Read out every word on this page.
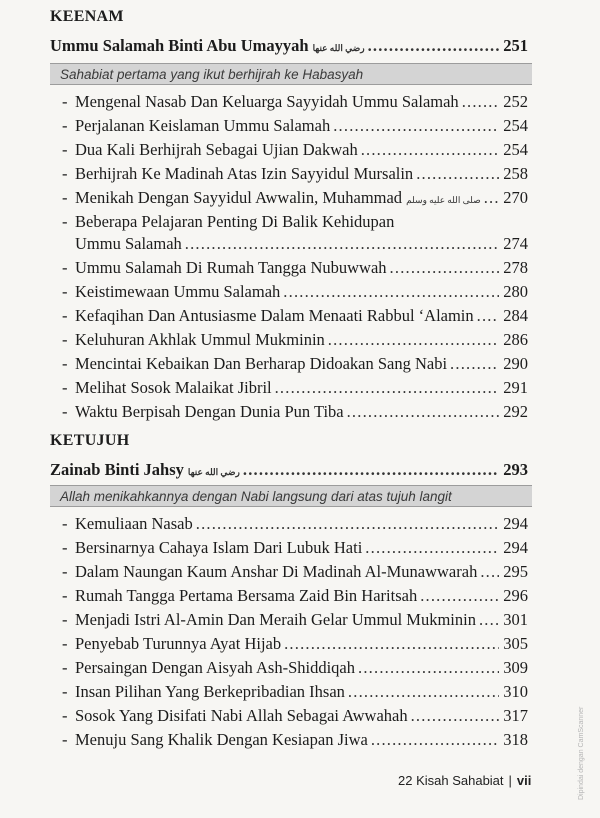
KEENAM
Ummu Salamah Binti Abu Umayyah رضي الله عنها .....	251
Sahabiat pertama yang ikut berhijrah ke Habasyah
- Mengenal Nasab Dan Keluarga Sayyidah Ummu Salamah .....	252
- Perjalanan Keislaman Ummu Salamah .....	254
- Dua Kali Berhijrah Sebagai Ujian Dakwah .....	254
- Berhijrah Ke Madinah Atas Izin Sayyidul Mursalin .....	258
- Menikah Dengan Sayyidul Awwalin, Muhammad صلى الله عليه وسلم ..... 270
- Beberapa Pelajaran Penting Di Balik Kehidupan
Ummu Salamah .....	274
- Ummu Salamah Di Rumah Tangga Nubuwwah .....	278
- Keistimewaan Ummu Salamah .....	280
- Kefaqihan Dan Antusiasme Dalam Menaati Rabbul ‘Alamin ..... 284
- Keluhuran Akhlak Ummul Mukminin .....	286
- Mencintai Kebaikan Dan Berharap Didoakan Sang Nabi .....	290
- Melihat Sosok Malaikat Jibril .....	291
- Waktu Berpisah Dengan Dunia Pun Tiba .....	292
KETUJUH
Zainab Binti Jahsy رضي الله عنها .....	293
Allah menikahkannya dengan Nabi langsung dari atas tujuh langit
- Kemuliaan Nasab .....	294
- Bersinarnya Cahaya Islam Dari Lubuk Hati .....	294
- Dalam Naungan Kaum Anshar Di Madinah Al-Munawwarah ..... 295
- Rumah Tangga Pertama Bersama Zaid Bin Haritsah .....	296
- Menjadi Istri Al-Amin Dan Meraih Gelar Ummul Mukminin ..... 301
- Penyebab Turunnya Ayat Hijab .....	305
- Persaingan Dengan Aisyah Ash-Shiddiqah .....	309
- Insan Pilihan Yang Berkepribadian Ihsan .....	310
- Sosok Yang Disifati Nabi Allah Sebagai Awwahah .....	317
- Menuju Sang Khalik Dengan Kesiapan Jiwa .....	318
22 Kisah Sahabiat | vii	Dipindai dengan CamScanner
